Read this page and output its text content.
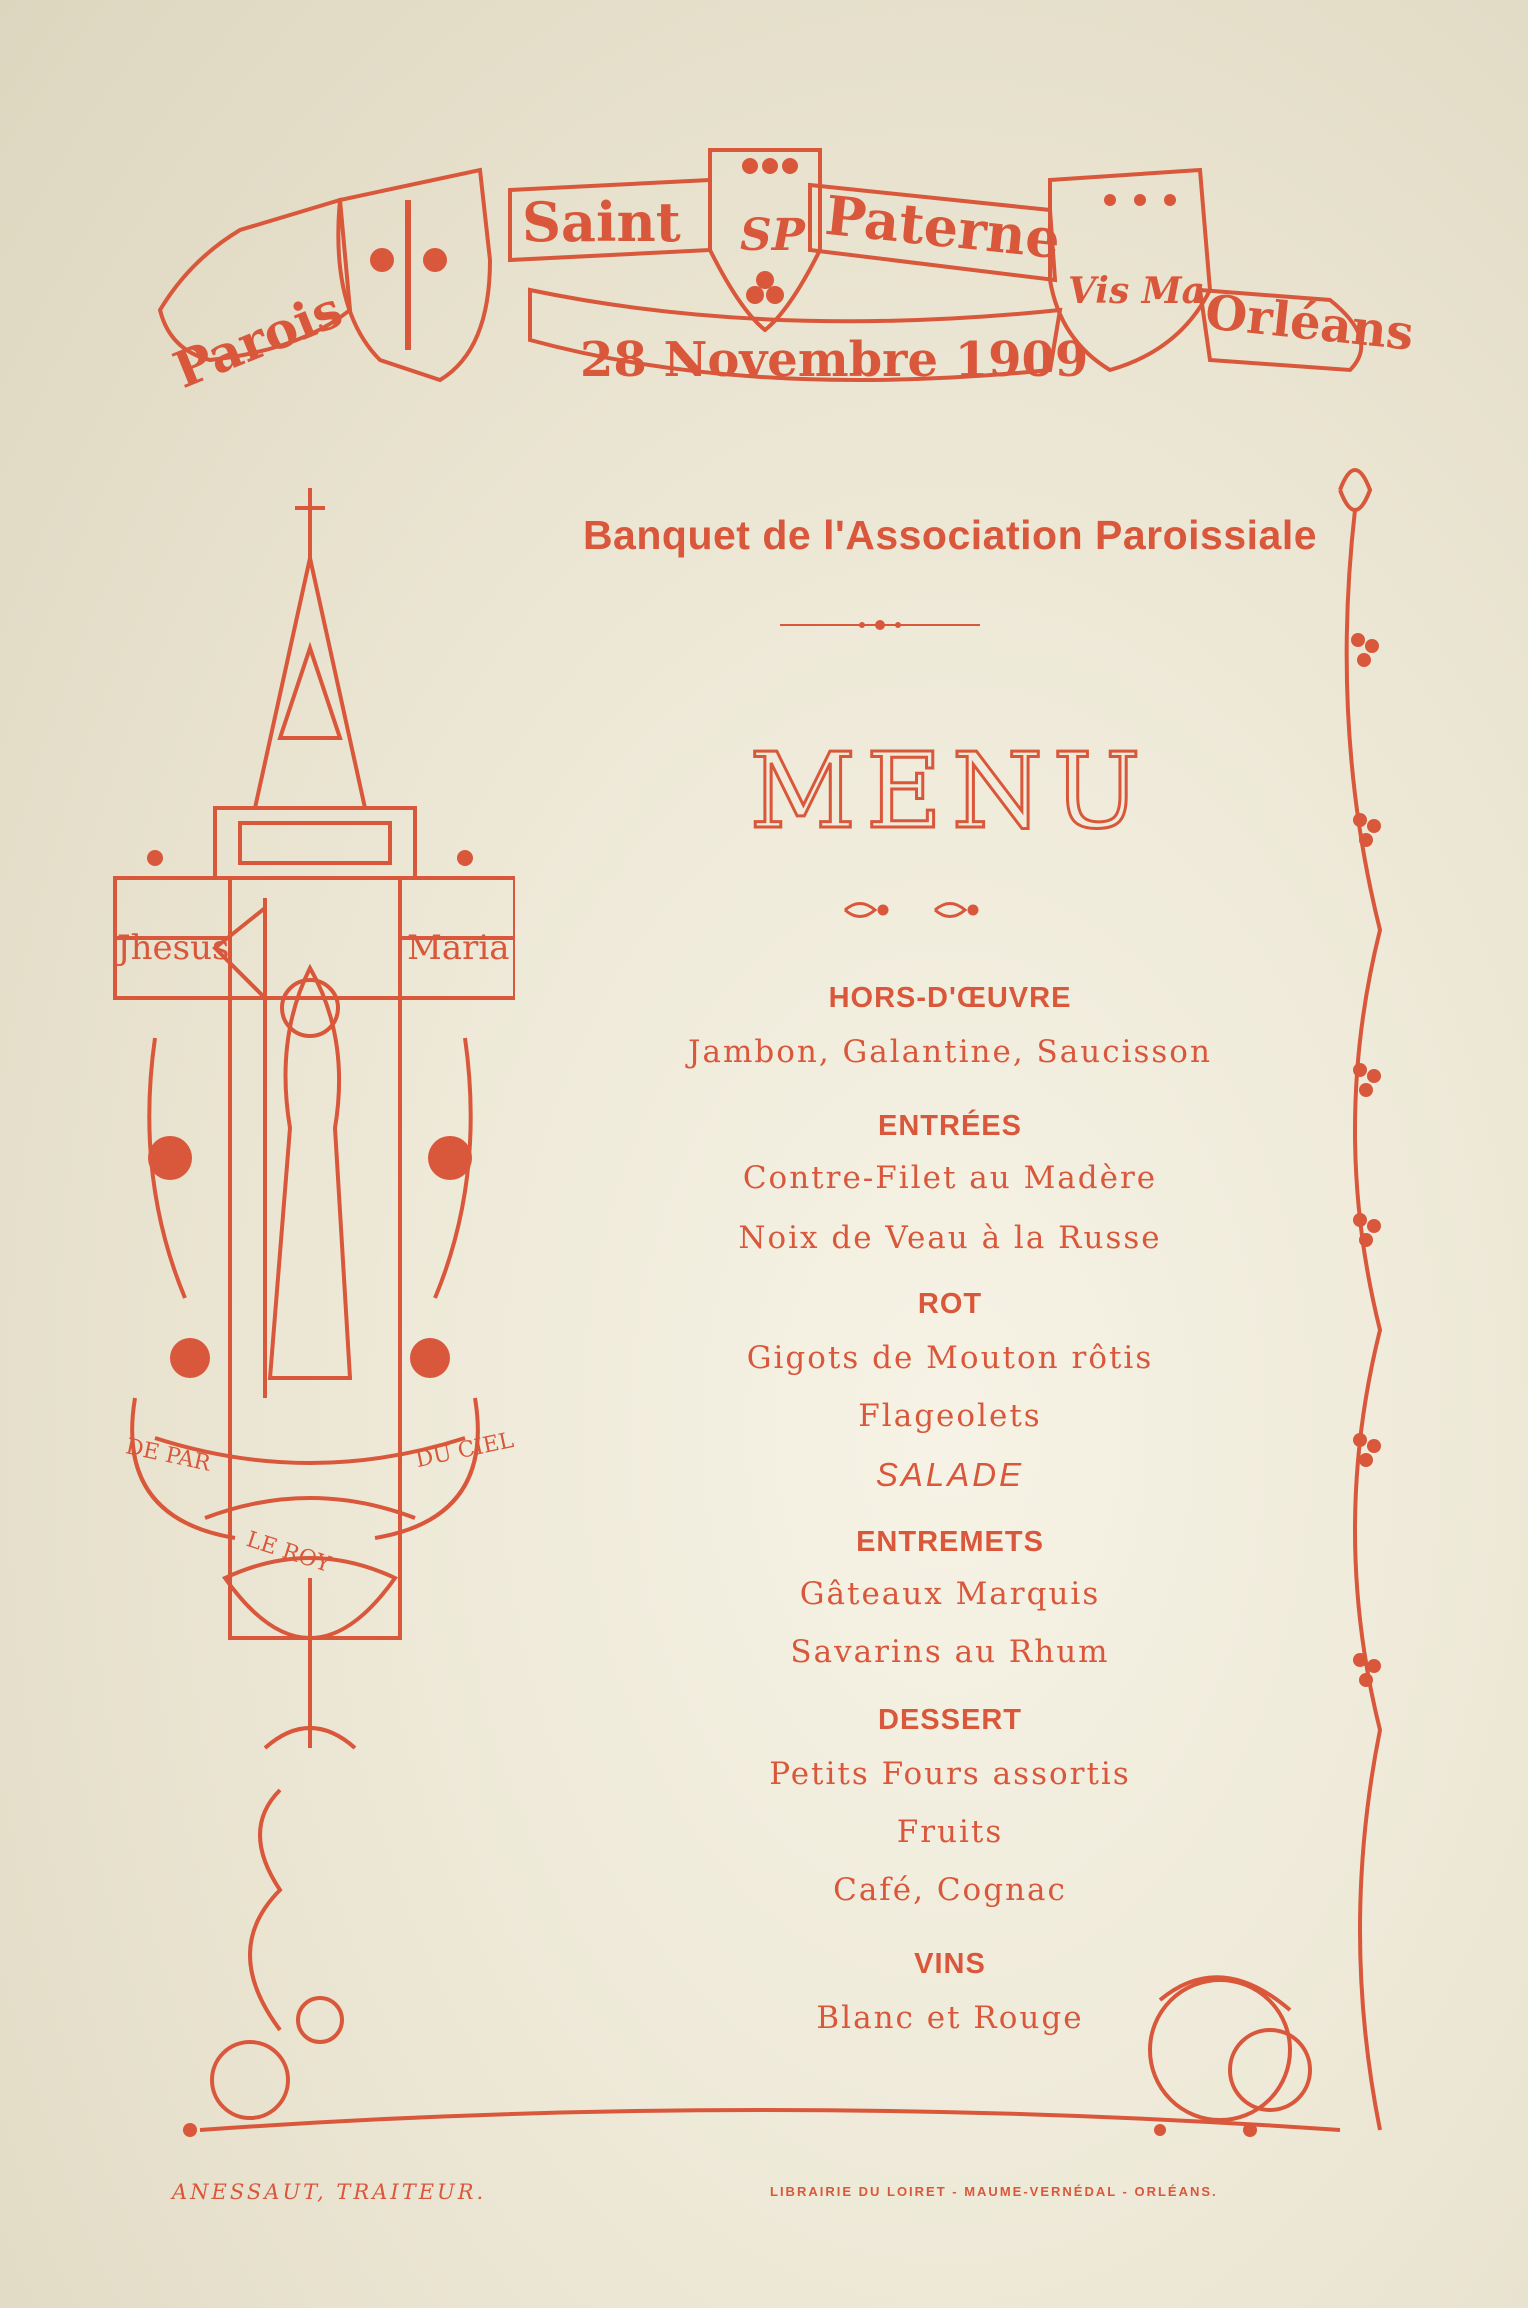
Parois
Saint	Paterne
Orléans
28 Novembre 1909
SP
Vis Ma
Banquet de l'Association Paroissiale
MENU
HORS-D'ŒUVRE
Jambon, Galantine, Saucisson
ENTRÉES
Contre-Filet au Madère
Noix de Veau à la Russe
ROT
Gigots de Mouton rôtis
Flageolets
SALADE
ENTREMETS
Gâteaux Marquis
Savarins au Rhum
DESSERT
Petits Fours assortis
Fruits
Café, Cognac
VINS
Blanc et Rouge
Jhesus	Maria
DE PAR	DU CIEL
LE ROY
ANESSAUT, TRAITEUR.	LIBRAIRIE DU LOIRET - MAUME-VERNÉDAL - ORLÉANS.
